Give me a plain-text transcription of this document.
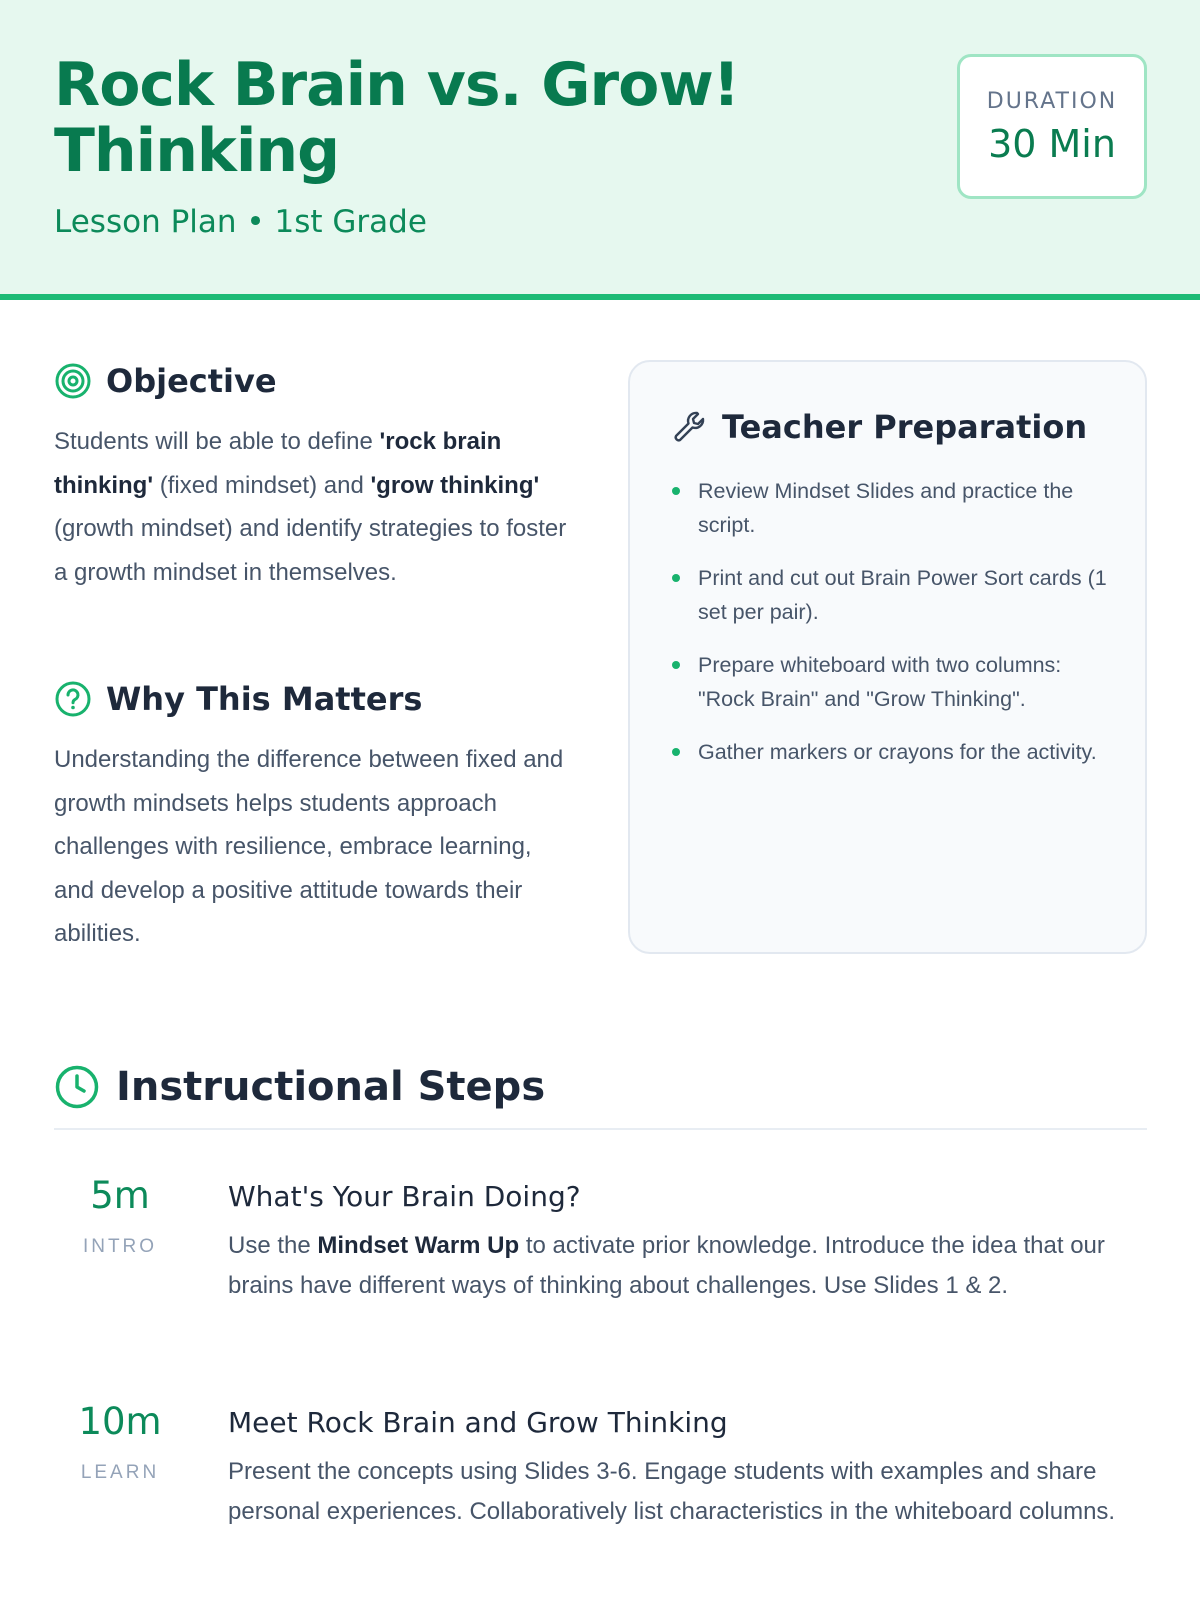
Rock Brain vs. Grow! Thinking
Lesson Plan • 1st Grade
DURATION
30 Min
Objective
Students will be able to define 'rock brain thinking' (fixed mindset) and 'grow thinking' (growth mindset) and identify strategies to foster a growth mindset in themselves.
Why This Matters
Understanding the difference between fixed and growth mindsets helps students approach challenges with resilience, embrace learning, and develop a positive attitude towards their abilities.
Teacher Preparation
Review Mindset Slides and practice the script.
Print and cut out Brain Power Sort cards (1 set per pair).
Prepare whiteboard with two columns: "Rock Brain" and "Grow Thinking".
Gather markers or crayons for the activity.
Instructional Steps
5m
INTRO
What's Your Brain Doing?
Use the Mindset Warm Up to activate prior knowledge. Introduce the idea that our brains have different ways of thinking about challenges. Use Slides 1 & 2.
10m
LEARN
Meet Rock Brain and Grow Thinking
Present the concepts using Slides 3-6. Engage students with examples and share personal experiences. Collaboratively list characteristics in the whiteboard columns.
